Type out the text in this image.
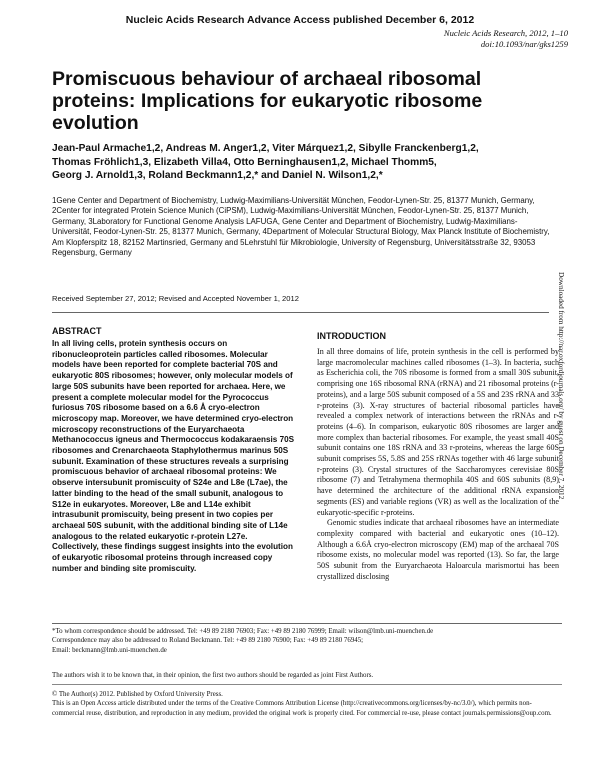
Nucleic Acids Research Advance Access published December 6, 2012
Nucleic Acids Research, 2012, 1–10
doi:10.1093/nar/gks1259
Promiscuous behaviour of archaeal ribosomal proteins: Implications for eukaryotic ribosome evolution
Jean-Paul Armache1,2, Andreas M. Anger1,2, Viter Márquez1,2, Sibylle Franckenberg1,2,
Thomas Fröhlich1,3, Elizabeth Villa4, Otto Berninghausen1,2, Michael Thomm5,
Georg J. Arnold1,3, Roland Beckmann1,2,* and Daniel N. Wilson1,2,*
1Gene Center and Department of Biochemistry, Ludwig-Maximilians-Universität München, Feodor-Lynen-Str. 25, 81377 Munich, Germany, 2Center for integrated Protein Science Munich (CiPSM), Ludwig-Maximilians-Universität München, Feodor-Lynen-Str. 25, 81377 Munich, Germany, 3Laboratory for Functional Genome Analysis LAFUGA, Gene Center and Department of Biochemistry, Ludwig-Maximilians-Universität, Feodor-Lynen-Str. 25, 81377 Munich, Germany, 4Department of Molecular Structural Biology, Max Planck Institute of Biochemistry, Am Klopferspitz 18, 82152 Martinsried, Germany and 5Lehrstuhl für Mikrobiologie, University of Regensburg, Universitätsstraße 32, 93053 Regensburg, Germany
Received September 27, 2012; Revised and Accepted November 1, 2012
ABSTRACT
In all living cells, protein synthesis occurs on ribonucleoprotein particles called ribosomes. Molecular models have been reported for complete bacterial 70S and eukaryotic 80S ribosomes; however, only molecular models of large 50S subunits have been reported for archaea. Here, we present a complete molecular model for the Pyrococcus furiosus 70S ribosome based on a 6.6 Å cryo-electron microscopy map. Moreover, we have determined cryo-electron microscopy reconstructions of the Euryarchaeota Methanococcus igneus and Thermococcus kodakaraensis 70S ribosomes and Crenarchaeota Staphylothermus marinus 50S subunit. Examination of these structures reveals a surprising promiscuous behavior of archaeal ribosomal proteins: We observe intersubunit promiscuity of S24e and L8e (L7ae), the latter binding to the head of the small subunit, analogous to S12e in eukaryotes. Moreover, L8e and L14e exhibit intrasubunit promiscuity, being present in two copies per archaeal 50S subunit, with the additional binding site of L14e analogous to the related eukaryotic r-protein L27e. Collectively, these findings suggest insights into the evolution of eukaryotic ribosomal proteins through increased copy number and binding site promiscuity.
INTRODUCTION

In all three domains of life, protein synthesis in the cell is performed by large macromolecular machines called ribosomes (1–3). In bacteria, such as Escherichia coli, the 70S ribosome is formed from a small 30S subunit, comprising one 16S ribosomal RNA (rRNA) and 21 ribosomal proteins (r-proteins), and a large 50S subunit composed of a 5S and 23S rRNA and 33 r-proteins (3). X-ray structures of bacterial ribosomal particles have revealed a complex network of interactions between the rRNAs and r-proteins (4–6). In comparison, eukaryotic 80S ribosomes are larger and more complex than bacterial ribosomes. For example, the yeast small 40S subunit contains one 18S rRNA and 33 r-proteins, whereas the large 60S subunit comprises 5S, 5.8S and 25S rRNAs together with 46 large subunit r-proteins (3). Crystal structures of the Saccharomyces cerevisiae 80S ribosome (7) and Tetrahymena thermophila 40S and 60S subunits (8,9) have determined the architecture of the additional rRNA expansion segments (ES) and variable regions (VR) as well as the localization of the eukaryotic-specific r-proteins.

Genomic studies indicate that archaeal ribosomes have an intermediate complexity compared with bacterial and eukaryotic ones (10–12). Although a 6.6Å cryo-electron microscopy (EM) map of the archaeal 70S ribosome exists, no molecular model was reported (13). So far, the large 50S subunit from the Euryarchaeota Haloarcula marismortui has been crystallized disclosing

Downloaded from http://nar.oxfordjournals.org/ by guest on December 7, 2012
*To whom correspondence should be addressed. Tel: +49 89 2180 76903; Fax: +49 89 2180 76999; Email: wilson@lmb.uni-muenchen.de
Correspondence may also be addressed to Roland Beckmann. Tel: +49 89 2180 76900; Fax: +49 89 2180 76945;
Email: beckmann@lmb.uni-muenchen.de
The authors wish it to be known that, in their opinion, the first two authors should be regarded as joint First Authors.
© The Author(s) 2012. Published by Oxford University Press.
This is an Open Access article distributed under the terms of the Creative Commons Attribution License (http://creativecommons.org/licenses/by-nc/3.0/), which permits non-commercial reuse, distribution, and reproduction in any medium, provided the original work is properly cited. For commercial re-use, please contact journals.permissions@oup.com.
